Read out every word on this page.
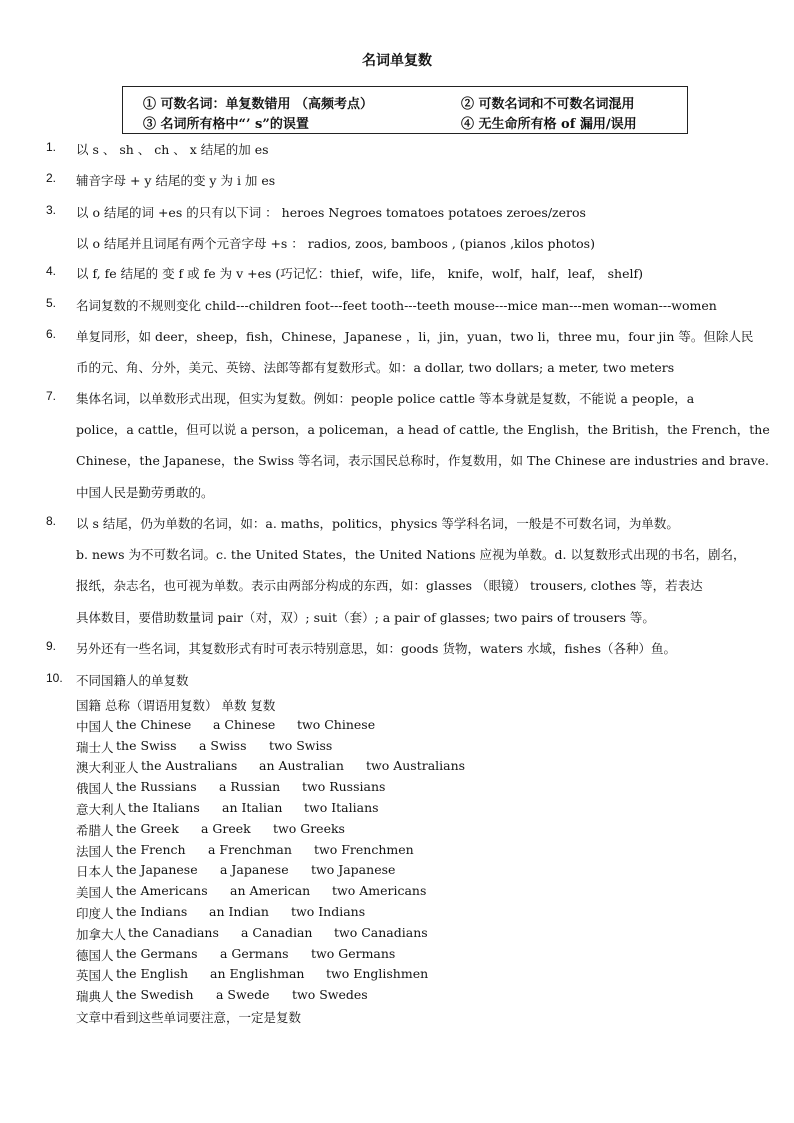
名词单复数
① 可数名词：单复数错用 （高频考点）	② 可数名词和不可数名词混用
③ 名词所有格中“’ s”的误置	④ 无生命所有格 of 漏用/误用
1. 以 s 、 sh 、 ch 、 x 结尾的加 es
2. 辅音字母 + y 结尾的变 y 为 i 加 es
3. 以 o 结尾的词 +es 的只有以下词 ： heroes Negroes tomatoes potatoes zeroes/zeros
以 o 结尾并且词尾有两个元音字母 +s ： radios, zoos, bamboos , (pianos ,kilos photos)
4. 以 f, fe 结尾的 变 f 或 fe 为 v +es (巧记忆：thief，wife，life， knife，wolf，half，leaf， shelf)
5. 名词复数的不规则变化 child---children foot---feet tooth---teeth mouse---mice man---men woman---women
6. 单复同形，如 deer，sheep，fish，Chinese，Japanese ，li，jin，yuan，two li，three mu，four jin 等。但除人民
币的元、角、分外，美元、英镑、法郎等都有复数形式。如：a dollar, two dollars; a meter, two meters
7. 集体名词，以单数形式出现，但实为复数。例如：people police cattle 等本身就是复数，不能说 a people，a
police，a cattle，但可以说 a person，a policeman，a head of cattle, the English，the British，the French，the
Chinese，the Japanese，the Swiss 等名词，表示国民总称时，作复数用，如 The Chinese are industries and brave.
中国人民是勤劳勇敢的。
8. 以 s 结尾，仍为单数的名词，如：a. maths，politics，physics 等学科名词，一般是不可数名词，为单数。
b. news 为不可数名词。c. the United States，the United Nations 应视为单数。d. 以复数形式出现的书名，剧名，
报纸，杂志名，也可视为单数。表示由两部分构成的东西，如：glasses （眼镜） trousers, clothes 等，若表达
具体数目，要借助数量词 pair（对，双）; suit（套）; a pair of glasses; two pairs of trousers 等。
9. 另外还有一些名词，其复数形式有时可表示特别意思，如：goods 货物，waters 水域，fishes（各种）鱼。
10. 不同国籍人的单复数
国籍 总称（谓语用复数） 单数 复数
中国人 the Chinese a Chinese two Chinese
瑞士人 the Swiss a Swiss two Swiss
澳大利亚人 the Australians an Australian two Australians
俄国人 the Russians a Russian two Russians
意大利人 the Italians an Italian two Italians
希腊人 the Greek a Greek two Greeks
法国人 the French a Frenchman two Frenchmen
日本人 the Japanese a Japanese two Japanese
美国人 the Americans an American two Americans
印度人 the Indians an Indian two Indians
加拿大人 the Canadians a Canadian two Canadians
德国人 the Germans a Germans two Germans
英国人 the English an Englishman two Englishmen
瑞典人 the Swedish a Swede two Swedes
文章中看到这些单词要注意，一定是复数
